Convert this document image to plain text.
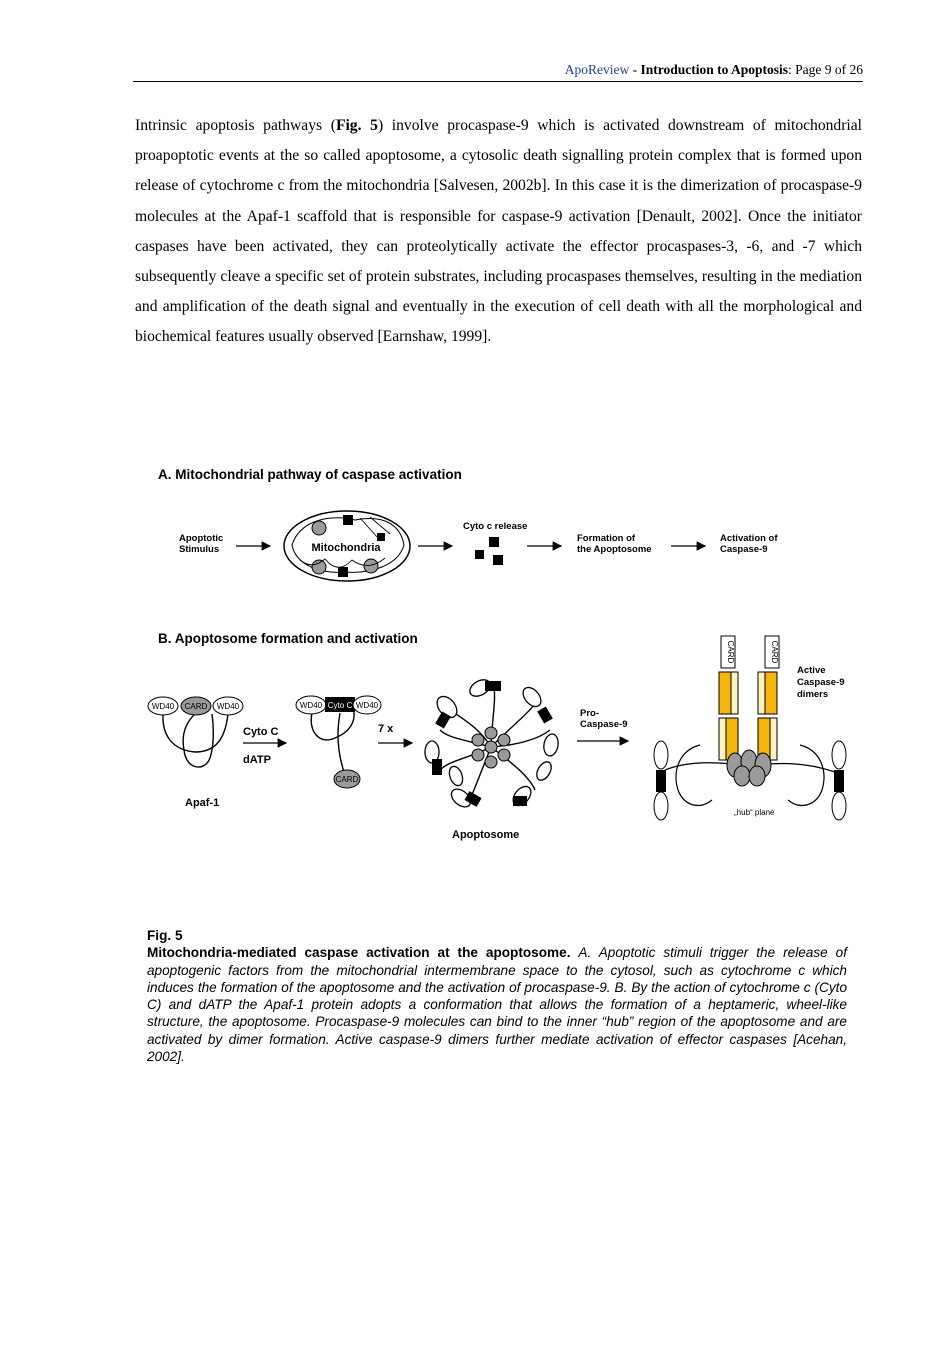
ApoReview - Introduction to Apoptosis: Page 9 of 26

Intrinsic apoptosis pathways (Fig. 5) involve procaspase-9 which is activated downstream of mitochondrial proapoptotic events at the so called apoptosome, a cytosolic death signalling protein complex that is formed upon release of cytochrome c from the mitochondria [Salvesen, 2002b]. In this case it is the dimerization of procaspase-9 molecules at the Apaf-1 scaffold that is responsible for caspase-9 activation [Denault, 2002]. Once the initiator caspases have been activated, they can proteolytically activate the effector procaspases-3, -6, and -7 which subsequently cleave a specific set of protein substrates, including procaspases themselves, resulting in the mediation and amplification of the death signal and eventually in the execution of cell death with all the morphological and biochemical features usually observed [Earnshaw, 1999].

A. Mitochondrial pathway of caspase activation
Apoptotic
Stimulus	Mitochondria
Cyto c release
Formation of
the Apoptosome
Activation of
Caspase-9
B. Apoptosome formation and activation
WD40 CARD WD40
Apaf-1
Cyto C
dATP
WD40 Cyto C WD40
CARD
7 x
Apoptosome
Pro-
Caspase-9
CARD	CARD
Active
Caspase-9
dimers
„hub“ plane
Fig. 5

Mitochondria-mediated caspase activation at the apoptosome. A. Apoptotic stimuli trigger the release of apoptogenic factors from the mitochondrial intermembrane space to the cytosol, such as cytochrome c which induces the formation of the apoptosome and the activation of procaspase-9. B. By the action of cytochrome c (Cyto C) and dATP the Apaf-1 protein adopts a conformation that allows the formation of a heptameric, wheel-like structure, the apoptosome. Procaspase-9 molecules can bind to the inner “hub” region of the apoptosome and are activated by dimer formation. Active caspase-9 dimers further mediate activation of effector caspases [Acehan, 2002].
